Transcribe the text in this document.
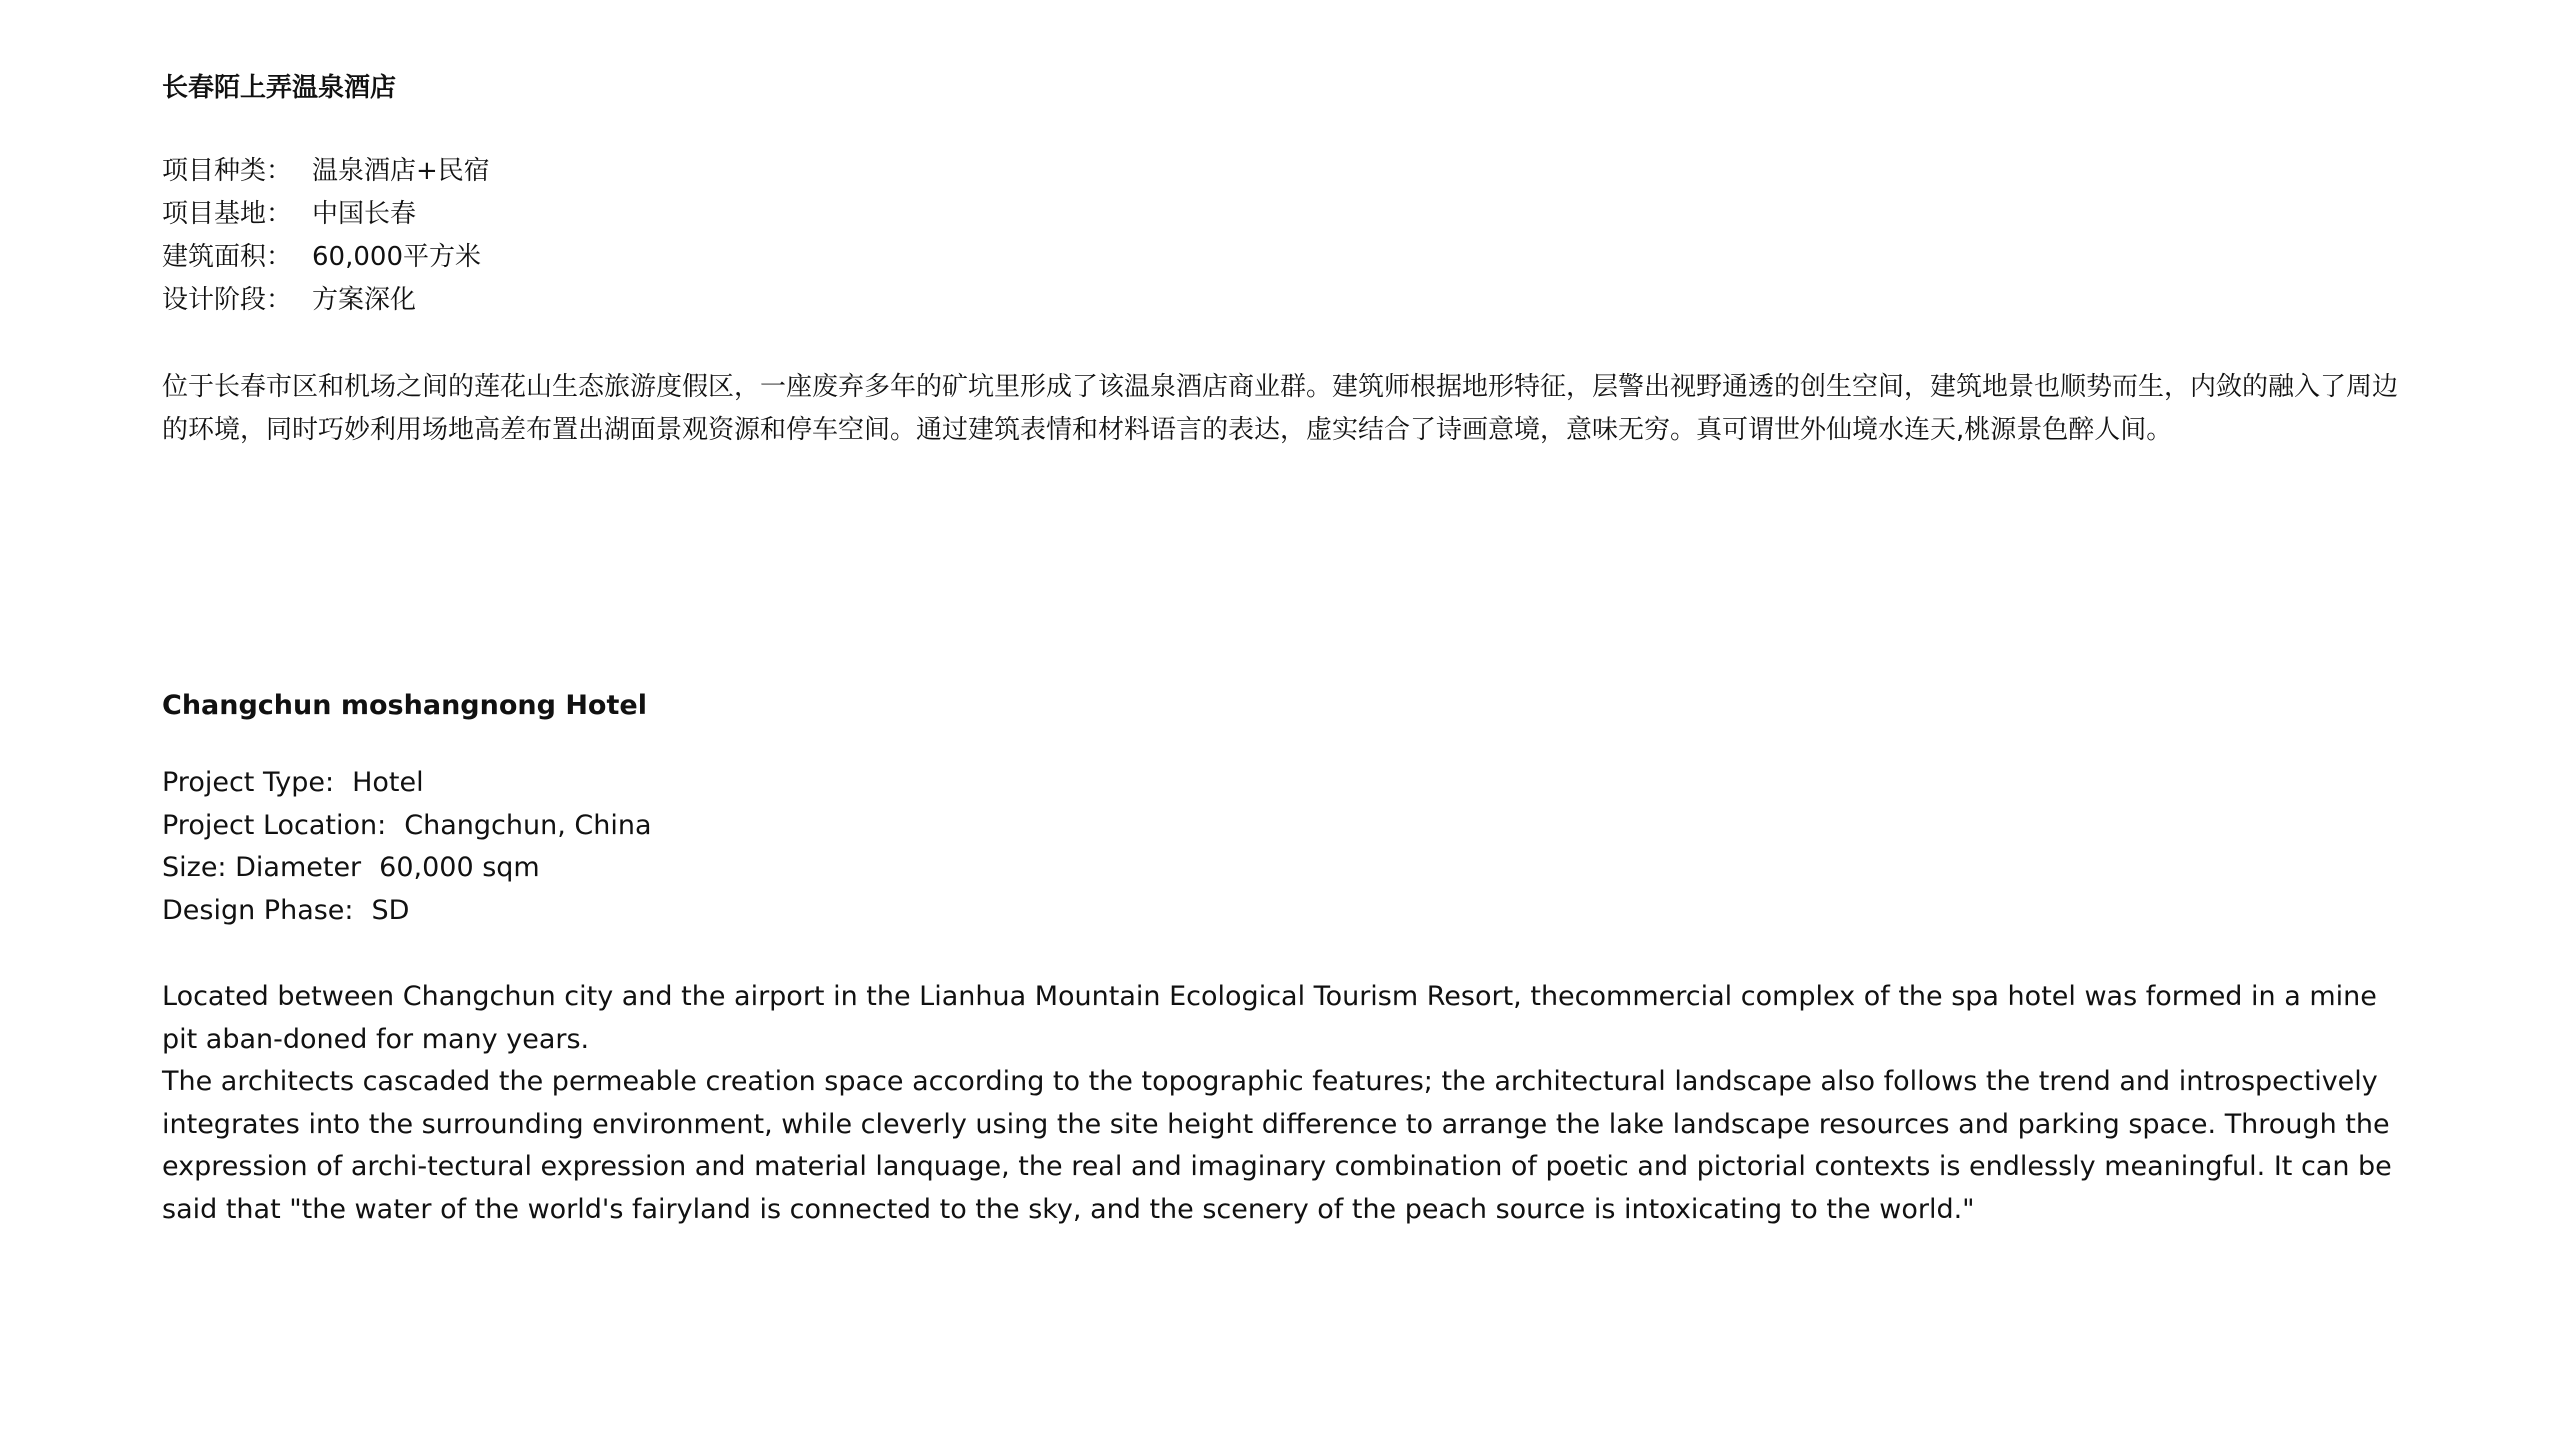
长春陌上弄温泉酒店
项目种类： 温泉酒店+民宿
项目基地： 中国长春
建筑面积： 60,000平方米
设计阶段： 方案深化
位于长春市区和机场之间的莲花山生态旅游度假区，一座废弃多年的矿坑里形成了该温泉酒店商业群。建筑师根据地形特征，层警出视野通透的创生空间，建筑地景也顺势而生，内敛的融入了周边的环境，同时巧妙利用场地高差布置出湖面景观资源和停车空间。通过建筑表情和材料语言的表达，虚实结合了诗画意境，意味无穷。真可谓世外仙境水连天,桃源景色醉人间。
Changchun moshangnong Hotel
Project Type: Hotel
Project Location: Changchun, China
Size: Diameter 60,000 sqm
Design Phase: SD

Located between Changchun city and the airport in the Lianhua Mountain Ecological Tourism Resort, thecommercial complex of the spa hotel was formed in a mine pit aban-doned for many years.

The architects cascaded the permeable creation space according to the topographic features; the architectural landscape also follows the trend and introspectively integrates into the surrounding environment, while cleverly using the site height difference to arrange the lake landscape resources and parking space. Through the expression of archi-tectural expression and material lanquage, the real and imaginary combination of poetic and pictorial contexts is endlessly meaningful. It can be said that "the water of the world's fairyland is connected to the sky, and the scenery of the peach source is intoxicating to the world."
